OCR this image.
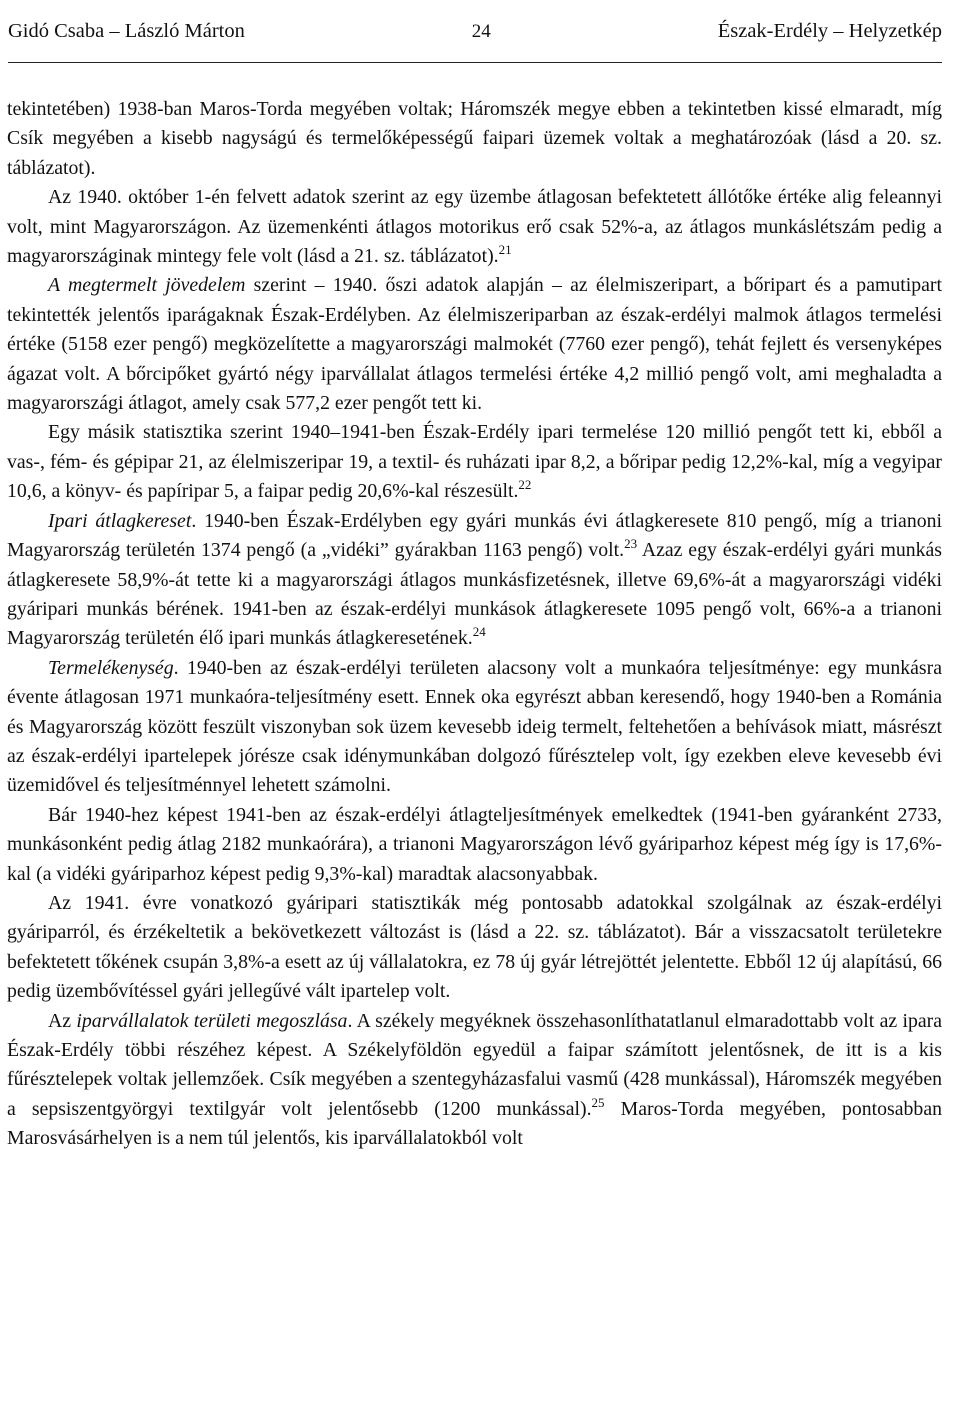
Gidó Csaba – László Márton	24	Észak-Erdély – Helyzetkép

tekintetében) 1938-ban Maros-Torda megyében voltak; Háromszék megye ebben a tekintetben kissé elmaradt, míg Csík megyében a kisebb nagyságú és termelőképességű faipari üzemek voltak a meghatározóak (lásd a 20. sz. táblázatot).

Az 1940. október 1-én felvett adatok szerint az egy üzembe átlagosan befektetett állótőke értéke alig feleannyi volt, mint Magyarországon. Az üzemenkénti átlagos motorikus erő csak 52%-a, az átlagos munkáslétszám pedig a magyarországinak mintegy fele volt (lásd a 21. sz. táblázatot).$^{21}$

A megtermelt jövedelem szerint – 1940. őszi adatok alapján – az élelmiszeripart, a bőripart és a pamutipart tekintették jelentős iparágaknak Észak-Erdélyben. Az élelmiszeriparban az észak-erdélyi malmok átlagos termelési értéke (5158 ezer pengő) megközelítette a magyarországi malmokét (7760 ezer pengő), tehát fejlett és versenyképes ágazat volt. A bőrcipőket gyártó négy iparvállalat átlagos termelési értéke 4,2 millió pengő volt, ami meghaladta a magyarországi átlagot, amely csak 577,2 ezer pengőt tett ki.

Egy másik statisztika szerint 1940–1941-ben Észak-Erdély ipari termelése 120 millió pengőt tett ki, ebből a vas-, fém- és gépipar 21, az élelmiszeripar 19, a textil- és ruházati ipar 8,2, a bőripar pedig 12,2%-kal, míg a vegyipar 10,6, a könyv- és papíripar 5, a faipar pedig 20,6%-kal részesült.$^{22}$

Ipari átlagkereset. 1940-ben Észak-Erdélyben egy gyári munkás évi átlagkeresete 810 pengő, míg a trianoni Magyarország területén 1374 pengő (a „vidéki” gyárakban 1163 pengő) volt.$^{23}$ Azaz egy észak-erdélyi gyári munkás átlagkeresete 58,9%-át tette ki a magyarországi átlagos munkásfizetésnek, illetve 69,6%-át a magyarországi vidéki gyáripari munkás bérének. 1941-ben az észak-erdélyi munkások átlagkeresete 1095 pengő volt, 66%-a a trianoni Magyarország területén élő ipari munkás átlagkeresetének.$^{24}$

Termelékenység. 1940-ben az észak-erdélyi területen alacsony volt a munkaóra teljesítménye: egy munkásra évente átlagosan 1971 munkaóra-teljesítmény esett. Ennek oka egyrészt abban keresendő, hogy 1940-ben a Románia és Magyarország között feszült viszonyban sok üzem kevesebb ideig termelt, feltehetően a behívások miatt, másrészt az észak-erdélyi ipartelepek jórésze csak idénymunkában dolgozó fűrésztelep volt, így ezekben eleve kevesebb évi üzemidővel és teljesítménnyel lehetett számolni.

Bár 1940-hez képest 1941-ben az észak-erdélyi átlagteljesítmények emelkedtek (1941-ben gyáranként 2733, munkásonként pedig átlag 2182 munkaórára), a trianoni Magyarországon lévő gyáriparhoz képest még így is 17,6%-kal (a vidéki gyáriparhoz képest pedig 9,3%-kal) maradtak alacsonyabbak.

Az 1941. évre vonatkozó gyáripari statisztikák még pontosabb adatokkal szolgálnak az észak-erdélyi gyáriparról, és érzékeltetik a bekövetkezett változást is (lásd a 22. sz. táblázatot). Bár a visszacsatolt területekre befektetett tőkének csupán 3,8%-a esett az új vállalatokra, ez 78 új gyár létrejöttét jelentette. Ebből 12 új alapítású, 66 pedig üzembővítéssel gyári jellegűvé vált ipartelep volt.

Az iparvállalatok területi megoszlása. A székely megyéknek összehasonlíthatatlanul elmaradottabb volt az ipara Észak-Erdély többi részéhez képest. A Székelyföldön egyedül a faipar számított jelentősnek, de itt is a kis fűrésztelepek voltak jellemzőek. Csík megyében a szentegyházasfalui vasmű (428 munkással), Háromszék megyében a sepsiszentgyörgyi textilgyár volt jelentősebb (1200 munkással).$^{25}$ Maros-Torda megyében, pontosabban Marosvásárhelyen is a nem túl jelentős, kis iparvállalatokból volt
